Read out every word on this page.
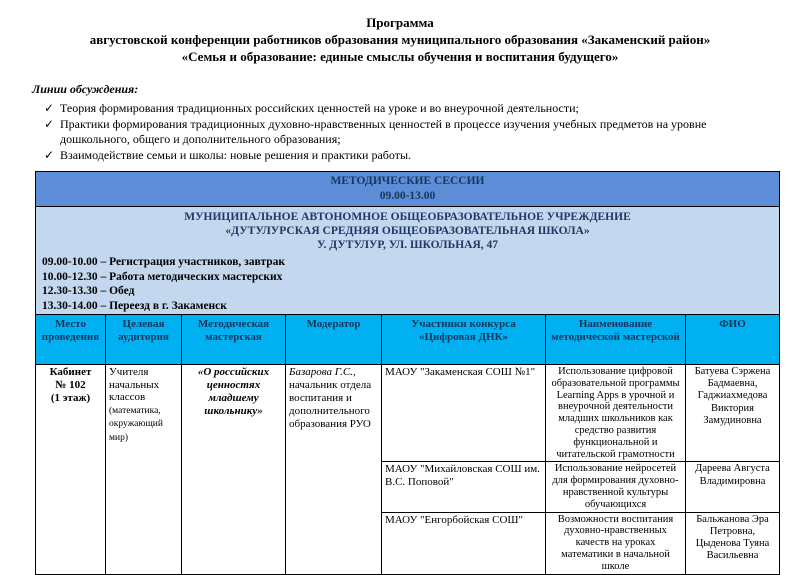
Программа
августовской конференции работников образования муниципального образования «Закаменский район»
«Семья и образование: единые смыслы обучения и воспитания будущего»
Линии обсуждения:
✓ Теория формирования традиционных российских ценностей на уроке и во внеурочной деятельности;
✓ Практики формирования традиционных духовно-нравственных ценностей в процессе изучения учебных предметов на уровне дошкольного, общего и дополнительного образования;
✓ Взаимодействие семьи и школы: новые решения и практики работы.
МЕТОДИЧЕСКИЕ СЕССИИ
09.00-13.00						

МУНИЦИПАЛЬНОЕ АВТОНОМНОЕ ОБЩЕОБРАЗОВАТЕЛЬНОЕ УЧРЕЖДЕНИЕ
«ДУТУЛУРСКАЯ СРЕДНЯЯ ОБЩЕОБРАЗОВАТЕЛЬНАЯ ШКОЛА»
У. ДУТУЛУР, УЛ. ШКОЛЬНАЯ, 47
09.00-10.00 – Регистрация участников, завтрак
10.00-12.30 – Работа методических мастерских
12.30-13.30 – Обед
13.30-14.00 – Переезд в г. Закаменск

Место проведения	Целевая аудитория	Методическая мастерская	Модератор	Участники конкурса «Цифровая ДНК»	Наименование методической мастерской	ФИО

Кабинет
№ 102
(1 этаж)	Учителя начальных классов (математика, окружающий мир)	«О российских ценностях младшему школьнику»	Базарова Г.С., начальник отдела воспитания и дополнительного образования РУО	МАОУ "Закаменская СОШ №1"	Использование цифровой образовательной программы Learning Apps в урочной и внеурочной деятельности младших школьников как средство развития функциональной и читательской грамотности	Батуева Сэржена Бадмаевна, Гаджиахмедова Виктория Замудиновна
				МАОУ "Михайловская СОШ им. В.С. Поповой"	Использование нейросетей для формирования духовно-нравственной культуры обучающихся	Дареева Августа Владимировна
				МАОУ "Енгорбойская СОШ"	Возможности воспитания духовно-нравственных качеств на уроках математики в начальной школе	Бальжанова Эра Петровна, Цыденова Туяна Васильевна
